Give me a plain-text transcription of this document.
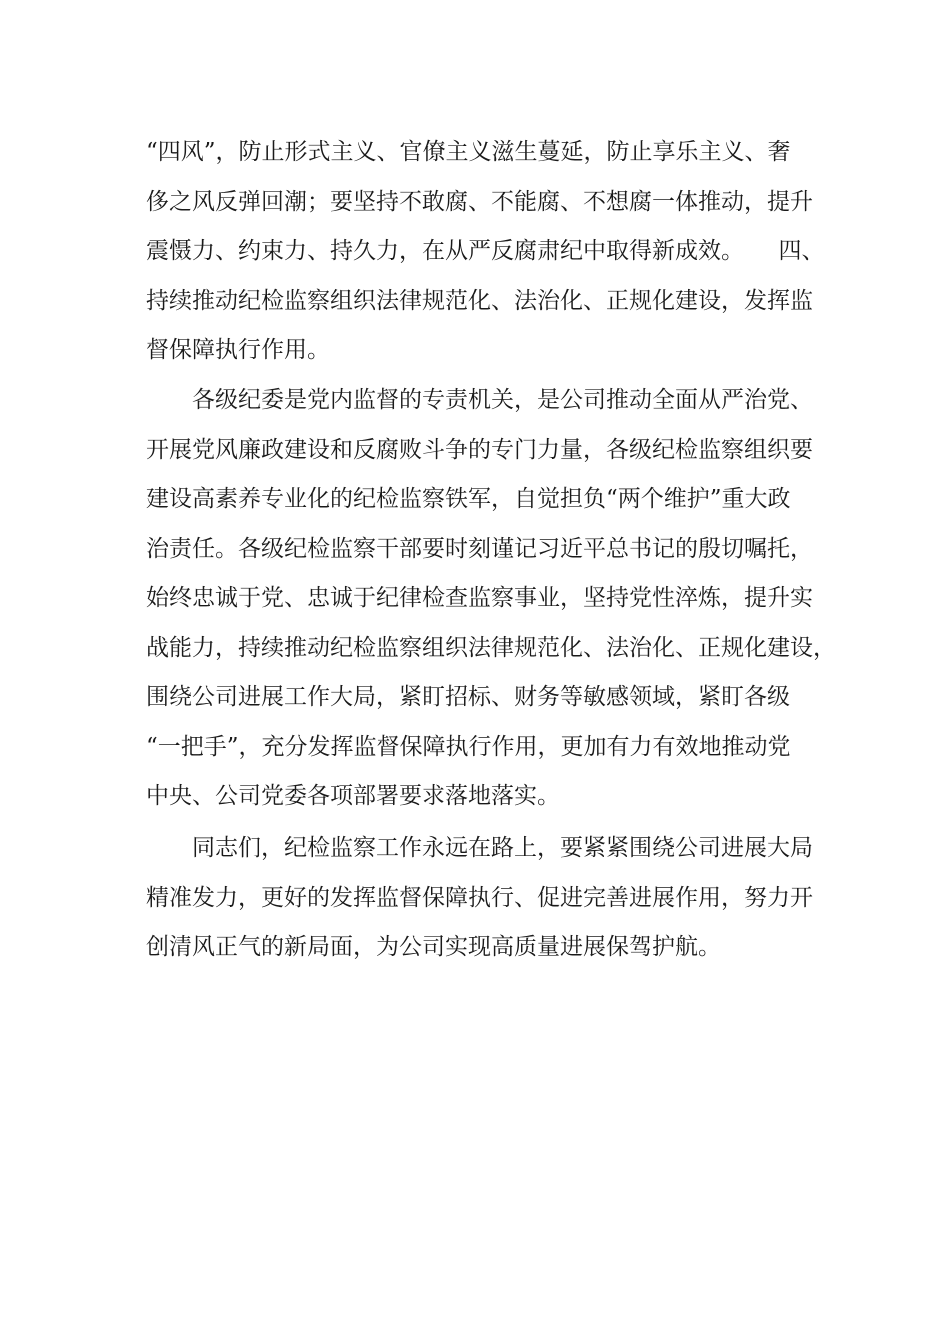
“四风”，防止形式主义、官僚主义滋生蔓延，防止享乐主义、奢
侈之风反弹回潮；要坚持不敢腐、不能腐、不想腐一体推动，提升
震慑力、约束力、持久力，在从严反腐肃纪中取得新成效。　　四、
持续推动纪检监察组织法律规范化、法治化、正规化建设，发挥监
督保障执行作用。
各级纪委是党内监督的专责机关，是公司推动全面从严治党、
开展党风廉政建设和反腐败斗争的专门力量，各级纪检监察组织要
建设高素养专业化的纪检监察铁军，自觉担负“两个维护”重大政
治责任。各级纪检监察干部要时刻谨记习近平总书记的殷切嘱托，
始终忠诚于党、忠诚于纪律检查监察事业，坚持党性淬炼，提升实
战能力，持续推动纪检监察组织法律规范化、法治化、正规化建设，
围绕公司进展工作大局，紧盯招标、财务等敏感领域，紧盯各级
“一把手”，充分发挥监督保障执行作用，更加有力有效地推动党
中央、公司党委各项部署要求落地落实。
同志们，纪检监察工作永远在路上，要紧紧围绕公司进展大局
精准发力，更好的发挥监督保障执行、促进完善进展作用，努力开
创清风正气的新局面，为公司实现高质量进展保驾护航。
